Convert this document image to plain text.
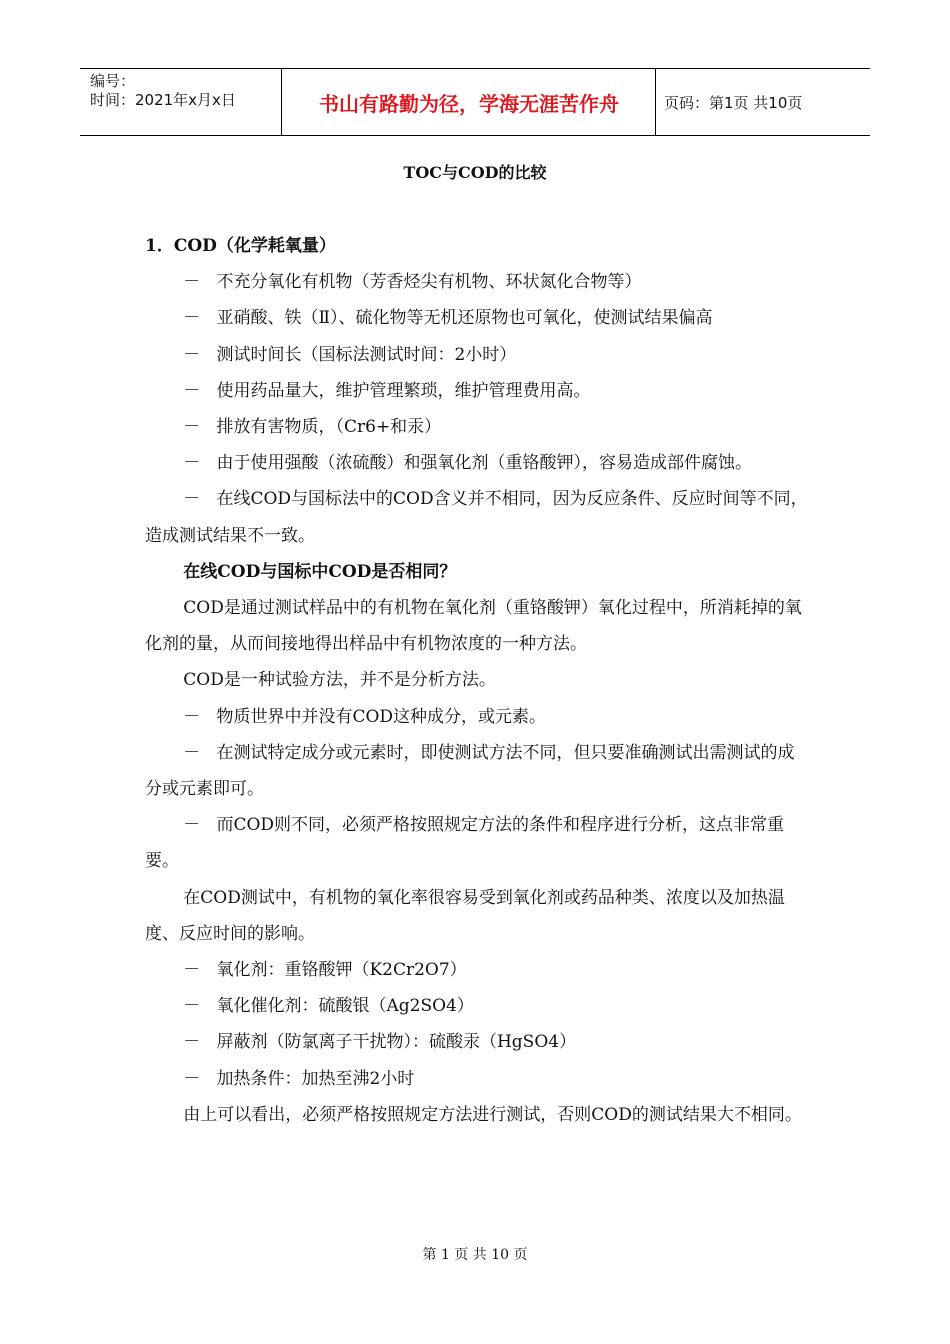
编号：
时间：2021年x月x日	书山有路勤为径，学海无涯苦作舟	页码：第1页 共10页
TOC与COD的比较

1．COD（化学耗氧量）

－ 不充分氧化有机物（芳香烃尖有机物、环状氮化合物等）

－ 亚硝酸、铁（Ⅱ）、硫化物等无机还原物也可氧化，使测试结果偏高

－ 测试时间长（国标法测试时间：2小时）

－ 使用药品量大，维护管理繁琐，维护管理费用高。

－ 排放有害物质，（Cr6+和汞）

－ 由于使用强酸（浓硫酸）和强氧化剂（重铬酸钾），容易造成部件腐蚀。

－ 在线COD与国标法中的COD含义并不相同，因为反应条件、反应时间等不同，造成测试结果不一致。

在线COD与国标中COD是否相同？

COD是通过测试样品中的有机物在氧化剂（重铬酸钾）氧化过程中，所消耗掉的氧化剂的量，从而间接地得出样品中有机物浓度的一种方法。

COD是一种试验方法，并不是分析方法。

－ 物质世界中并没有COD这种成分，或元素。

－ 在测试特定成分或元素时，即使测试方法不同，但只要准确测试出需测试的成分或元素即可。

－ 而COD则不同，必须严格按照规定方法的条件和程序进行分析，这点非常重要。

在COD测试中，有机物的氧化率很容易受到氧化剂或药品种类、浓度以及加热温度、反应时间的影响。

－ 氧化剂：重铬酸钾（K2Cr2O7）

－ 氧化催化剂：硫酸银（Ag2SO4）

－ 屏蔽剂（防氯离子干扰物）：硫酸汞（HgSO4）

－ 加热条件：加热至沸2小时

由上可以看出，必须严格按照规定方法进行测试，否则COD的测试结果大不相同。

第 1 页 共 10 页
